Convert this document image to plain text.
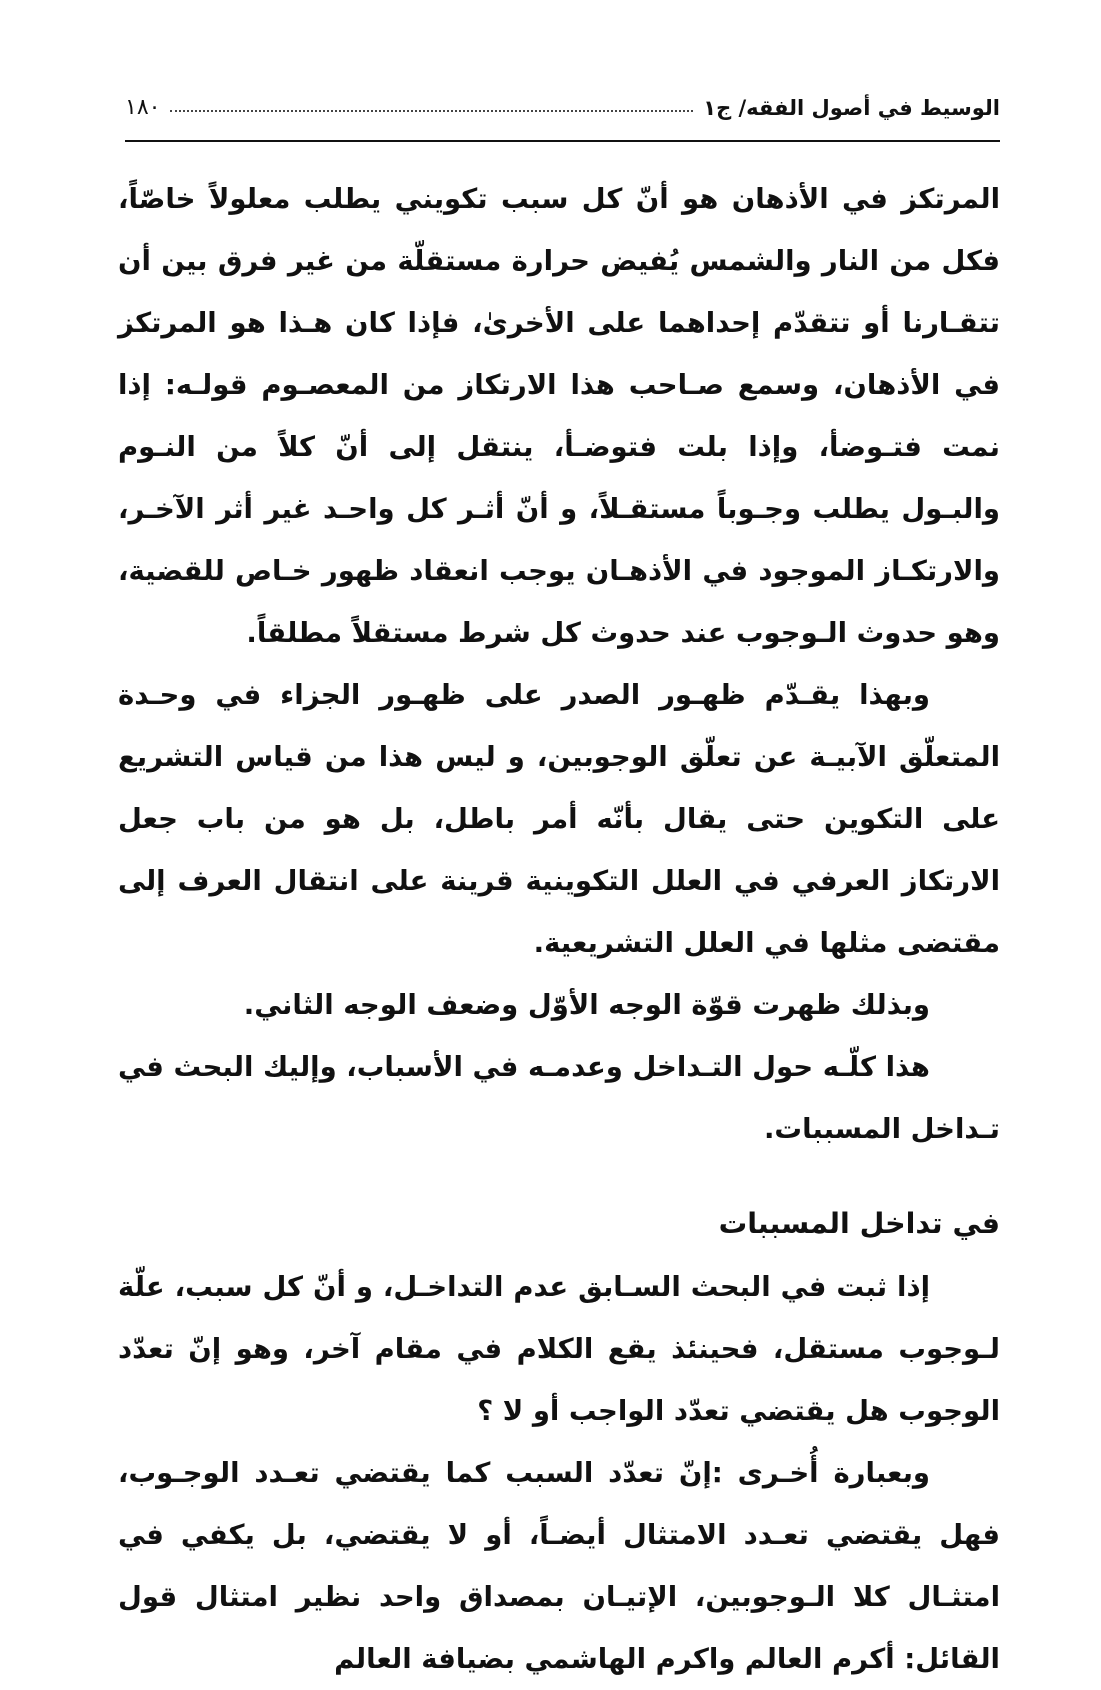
الوسيط في أصول الفقه/ ج١
١٨٠

المرتكز في الأذهان هو أنّ كل سبب تكويني يطلب معلولاً خاصّاً، فكل من النار والشمس يُفيض حرارة مستقلّة من غير فرق بين أن تتقـارنا أو تتقدّم إحداهما على الأخرىٰ، فإذا كان هـذا هو المرتكز في الأذهان، وسمع صـاحب هذا الارتكاز من المعصـوم قولـه: إذا نمت فتـوضأ، وإذا بلت فتوضـأ، ينتقل إلى أنّ كلاً من النـوم والبـول يطلب وجـوباً مستقـلاً، و أنّ أثـر كل واحـد غير أثر الآخـر، والارتكـاز الموجود في الأذهـان يوجب انعقاد ظهور خـاص للقضية، وهو حدوث الـوجوب عند حدوث كل شرط مستقلاً مطلقاً.

وبهذا يقـدّم ظهـور الصدر على ظهـور الجزاء في وحـدة المتعلّق الآبيـة عن تعلّق الوجوبين، و ليس هذا من قياس التشريع على التكوين حتى يقال بأنّه أمر باطل، بل هو من باب جعل الارتكاز العرفي في العلل التكوينية قرينة على انتقال العرف إلى مقتضى مثلها في العلل التشريعية.

وبذلك ظهرت قوّة الوجه الأوّل وضعف الوجه الثاني.

هذا كلّـه حول التـداخل وعدمـه في الأسباب، وإليك البحث في تـداخل المسببات.

في تداخل المسببات

إذا ثبت في البحث السـابق عدم التداخـل، و أنّ كل سبب، علّة لـوجوب مستقل، فحينئذ يقع الكلام في مقام آخر، وهو إنّ تعدّد الوجوب هل يقتضي تعدّد الواجب أو لا ؟

وبعبارة أُخـرى :إنّ تعدّد السبب كما يقتضي تعـدد الوجـوب، فهل يقتضي تعـدد الامتثال أيضـاً، أو لا يقتضي، بل يكفي في امتثـال كلا الـوجوبين، الإتيـان بمصداق واحد نظير امتثال قول القائل: أكرم العالم واكرم الهاشمي بضيافة العالم
